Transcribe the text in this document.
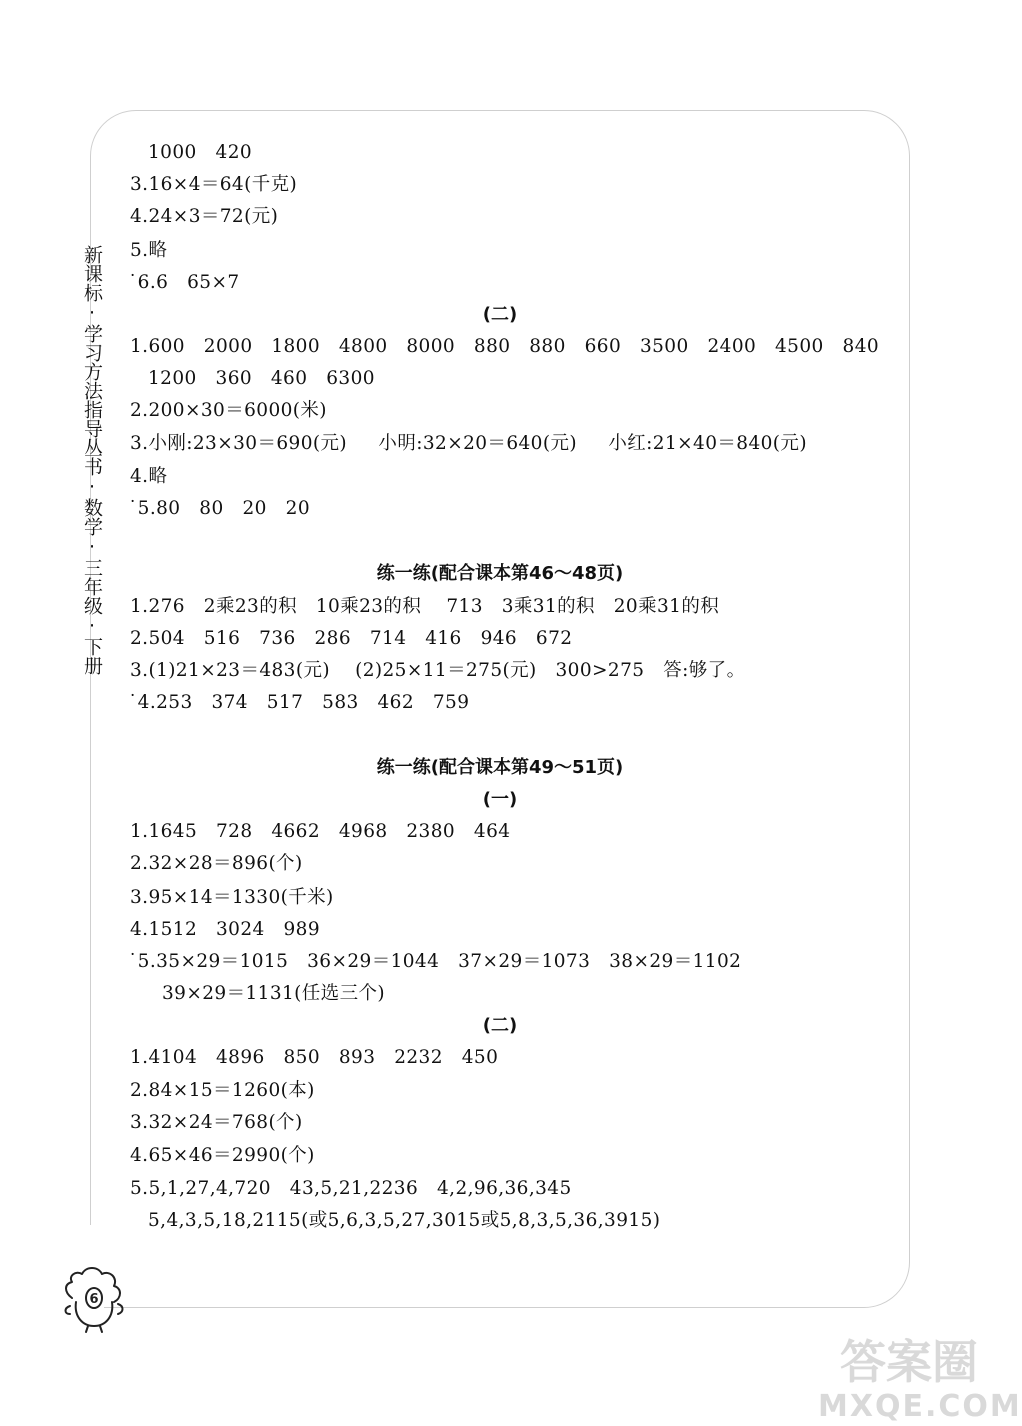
新课标·学习方法指导丛书·数学·三年级·下册
1000   420
3.16×4＝64(千克)
4.24×3＝72(元)
5.略
˙6.6   65×7
(二)
1.600   2000   1800   4800   8000   880   880   660   3500   2400   4500   840
1200   360   460   6300
2.200×30＝6000(米)
3.小刚:23×30＝690(元)     小明:32×20＝640(元)     小红:21×40＝840(元)
4.略
˙5.80   80   20   20
练一练(配合课本第46～48页)
1.276   2乘23的积   10乘23的积    713   3乘31的积   20乘31的积
2.504   516   736   286   714   416   946   672
3.(1)21×23＝483(元)    (2)25×11＝275(元)   300>275   答:够了。
˙4.253   374   517   583   462   759
练一练(配合课本第49～51页)
(一)
1.1645   728   4662   4968   2380   464
2.32×28＝896(个)
3.95×14＝1330(千米)
4.1512   3024   989
˙5.35×29＝1015   36×29＝1044   37×29＝1073   38×29＝1102
39×29＝1131(任选三个)
(二)
1.4104   4896   850   893   2232   450
2.84×15＝1260(本)
3.32×24＝768(个)
4.65×46＝2990(个)
5.5,1,27,4,720   43,5,21,2236   4,2,96,36,345
5,4,3,5,18,2115(或5,6,3,5,27,3015或5,8,3,5,36,3915)
6
答案圈
MXQE.COM
